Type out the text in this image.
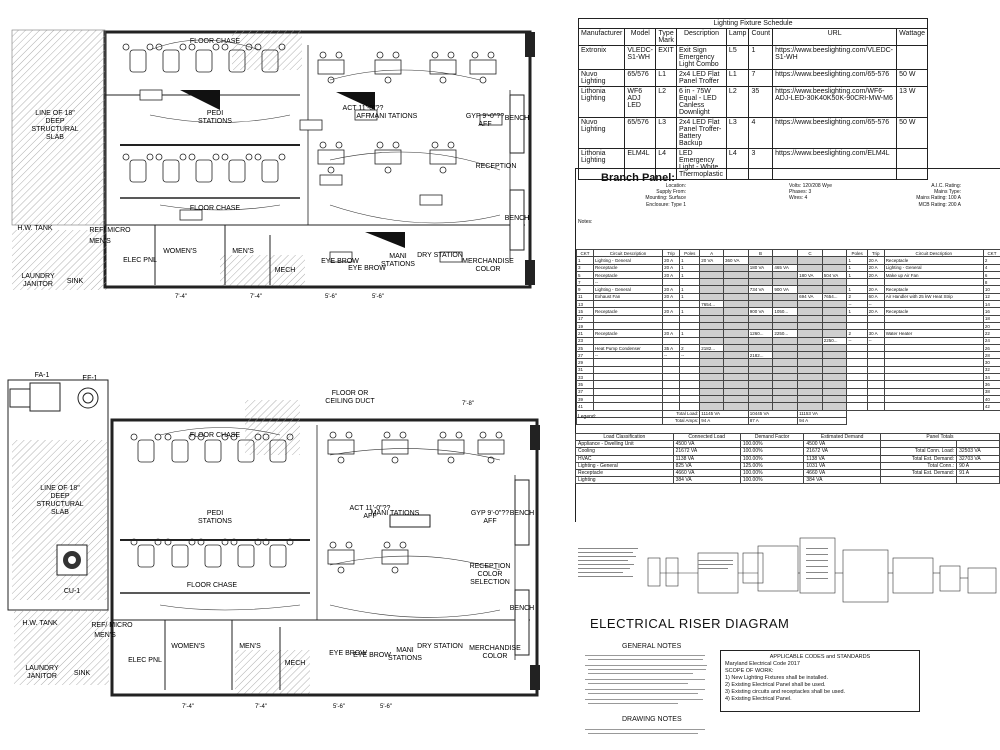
7'-4"	7'-4"	5'-6"	5'-6"
FLOOR CHASE
PEDI STATIONS
ACT 11'-0"?? AFF MANI TATIONS	GYP 9'-0"?? AFF
BENCH
RECEPTION
FLOOR CHASE
LINE OF 18" DEEP STRUCTURAL SLAB
H.W. TANK	REF/ MICRO
MEN'S
WOMEN'S	MEN'S
ELEC PNL
MECH
EYE BROW
EYE BROW
MANI STATIONS
DRY STATION
MERCHANDISE COLOR
LAUNDRY JANITOR SINK
BENCH
7'-4"	7'-4"	5'-6"	5'-6"
7'-8"
FLOOR CHASE
FLOOR OR CEILING DUCT
PEDI STATIONS
ACT 11'-0"?? AFF
MANI TATIONS	GYP 9'-0"?? AFF
BENCH
RECEPTION COLOR SELECTION
FLOOR CHASE
LINE OF 18" DEEP STRUCTURAL SLAB
H.W. TANK	REF/ MICRO
MEN'S
WOMEN'S	MEN'S
ELEC PNL	MECH
EYE BROW
EYE BROW
MANI STATIONS
DRY STATION MERCHANDISE COLOR
LAUNDRY JANITOR SINK
BENCH
FA-1	EF-1
CU-1
Lighting Fixture Schedule							
Manufacturer	Model	Type Mark	Description	Lamp	Count	URL	Wattage
Extronix	VLEDC-S1-WH	EXIT	Exit Sign Emergency Light Combo	L5	1	https://www.beeslighting.com/VLEDC-S1-WH	
Nuvo Lighting	65/576	L1	2x4 LED Flat Panel Troffer	L1	7	https://www.beeslighting.com/65-576	50 W
Lithonia Lighting	WF6 ADJ LED	L2	6 in - 75W Equal - LED Canless Downlight	L2	35	https://www.beeslighting.com/WF6-ADJ-LED-30K40K50K-90CRI-MW-M6	13 W
Nuvo Lighting	65/576	L3	2x4 LED Flat Panel Troffer- Battery Backup	L3	4	https://www.beeslighting.com/65-576	50 W
Lithonia Lighting	ELM4L	L4	LED Emergency Light - White Thermoplastic	L4	3	https://www.beeslighting.com/ELM4L	
Branch Panel:
Location:
Supply From:
Mounting: Surface
Enclosure: Type 1
Volts: 120/208 Wye
Phases: 3
Wires: 4
A.I.C. Rating:
Mains Type:
Mains Rating: 100 A
MCB Rating: 200 A
Notes:
CKT	Circuit Description	Trip	Poles	A		B		C		Poles	Trip	Circuit Description	CKT
1	Lighting - General	20 A	1	20 VA	360 VA					1	20 A	Receptacle	2
3	Receptacle	20 A	1			180 VA	465 VA			1	20 A	Lighting - General	4
5	Receptacle	20 A	1					180 VA	504 VA	1	20 A	Make up Air Fan	6
7	--												8
9	Lighting - General	20 A	1			734 VA	900 VA			1	20 A	Receptacle	10
11	Exhaust Fan	20 A	1					694 VA	7654...	2	60 A	Air Handler with 25 kW Heat Strip	12
13				7654...						--	--		14
15	Receptacle	20 A	1			900 VA	1050...			1	20 A	Receptacle	16
17													18
19													20
21	Receptacle	20 A	1			1260...	2250...			2	30 A	Water Heater	22
23									2250...	--	--		24
25	Heat Pump Condenser	35 A	2	2182...									26
27	--	--	--			2182...							28
29													30
31													32
33													34
35													36
37													38
39													40
41													42
		Total Load:		11145 VA		10445 VA		11153 VA					
		Total Amps:		94 A		87 A		94 A					
Legend:
Load Classification	Connected Load	Demand Factor	Estimated Demand	Panel Totals	
Appliance - Dwelling Unit	4500 VA	100.00%	4500 VA		
Cooling	21672 VA	100.00%	21672 VA	Total Conn. Load:	32503 VA
HVAC	1138 VA	100.00%	1138 VA	Total Est. Demand:	32703 VA
Lighting - General	825 VA	125.00%	1031 VA	Total Conn.:	90 A
Receptacle	4660 VA	100.00%	4660 VA	Total Est. Demand:	91 A
Lighting	384 VA	100.00%	384 VA		
ELECTRICAL RISER DIAGRAM
GENERAL NOTES
APPLICABLE CODES and STANDARDS
Maryland Electrical Code 2017
SCOPE OF WORK:
1) New Lighting Fixtures shall be installed.
2) Existing Electrical Panel shall be used.
3) Existing circuits and receptacles shall be used.
4) Existing Electrical Panel.
DRAWING NOTES
